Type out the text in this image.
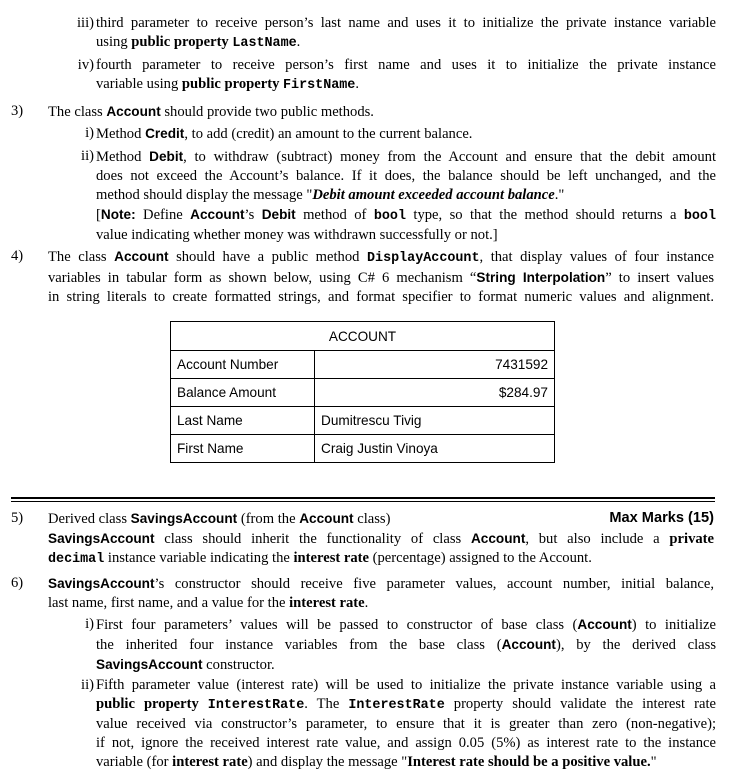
iii) third parameter to receive person’s last name and uses it to initialize the private instance variable
using public property LastName.
iv) fourth parameter to receive person’s first name and uses it to initialize the private instance
variable using public property FirstName.
3)	The class Account should provide two public methods.
i) Method Credit, to add (credit) an amount to the current balance.
ii) Method Debit, to withdraw (subtract) money from the Account and ensure that the debit amount
does not exceed the Account’s balance. If it does, the balance should be left unchanged, and the
method should display the message "Debit amount exceeded account balance."
[Note: Define Account’s Debit method of bool type, so that the method should returns a bool
value indicating whether money was withdrawn successfully or not.]
4)	The class Account should have a public method DisplayAccount, that display values of four instance
variables in tabular form as shown below, using C# 6 mechanism “String Interpolation” to insert values
in string literals to create formatted strings, and format specifier to format numeric values and alignment.
ACCOUNT	
Account Number	7431592
Balance Amount	$284.97
Last Name	Dumitrescu Tivig
First Name	Craig Justin Vinoya
5)	Derived class SavingsAccount (from the Account class)	Max Marks (15)
SavingsAccount class should inherit the functionality of class Account, but also include a private
decimal instance variable indicating the interest rate (percentage) assigned to the Account.
6)	SavingsAccount’s constructor should receive five parameter values, account number, initial balance,
last name, first name, and a value for the interest rate.
i) First four parameters’ values will be passed to constructor of base class (Account) to initialize
the inherited four instance variables from the base class (Account), by the derived class
SavingsAccount constructor.
ii) Fifth parameter value (interest rate) will be used to initialize the private instance variable using a
public property InterestRate. The InterestRate property should validate the interest rate
value received via constructor’s parameter, to ensure that it is greater than zero (non-negative);
if not, ignore the received interest rate value, and assign 0.05 (5%) as interest rate to the instance
variable (for interest rate) and display the message "Interest rate should be a positive value."
